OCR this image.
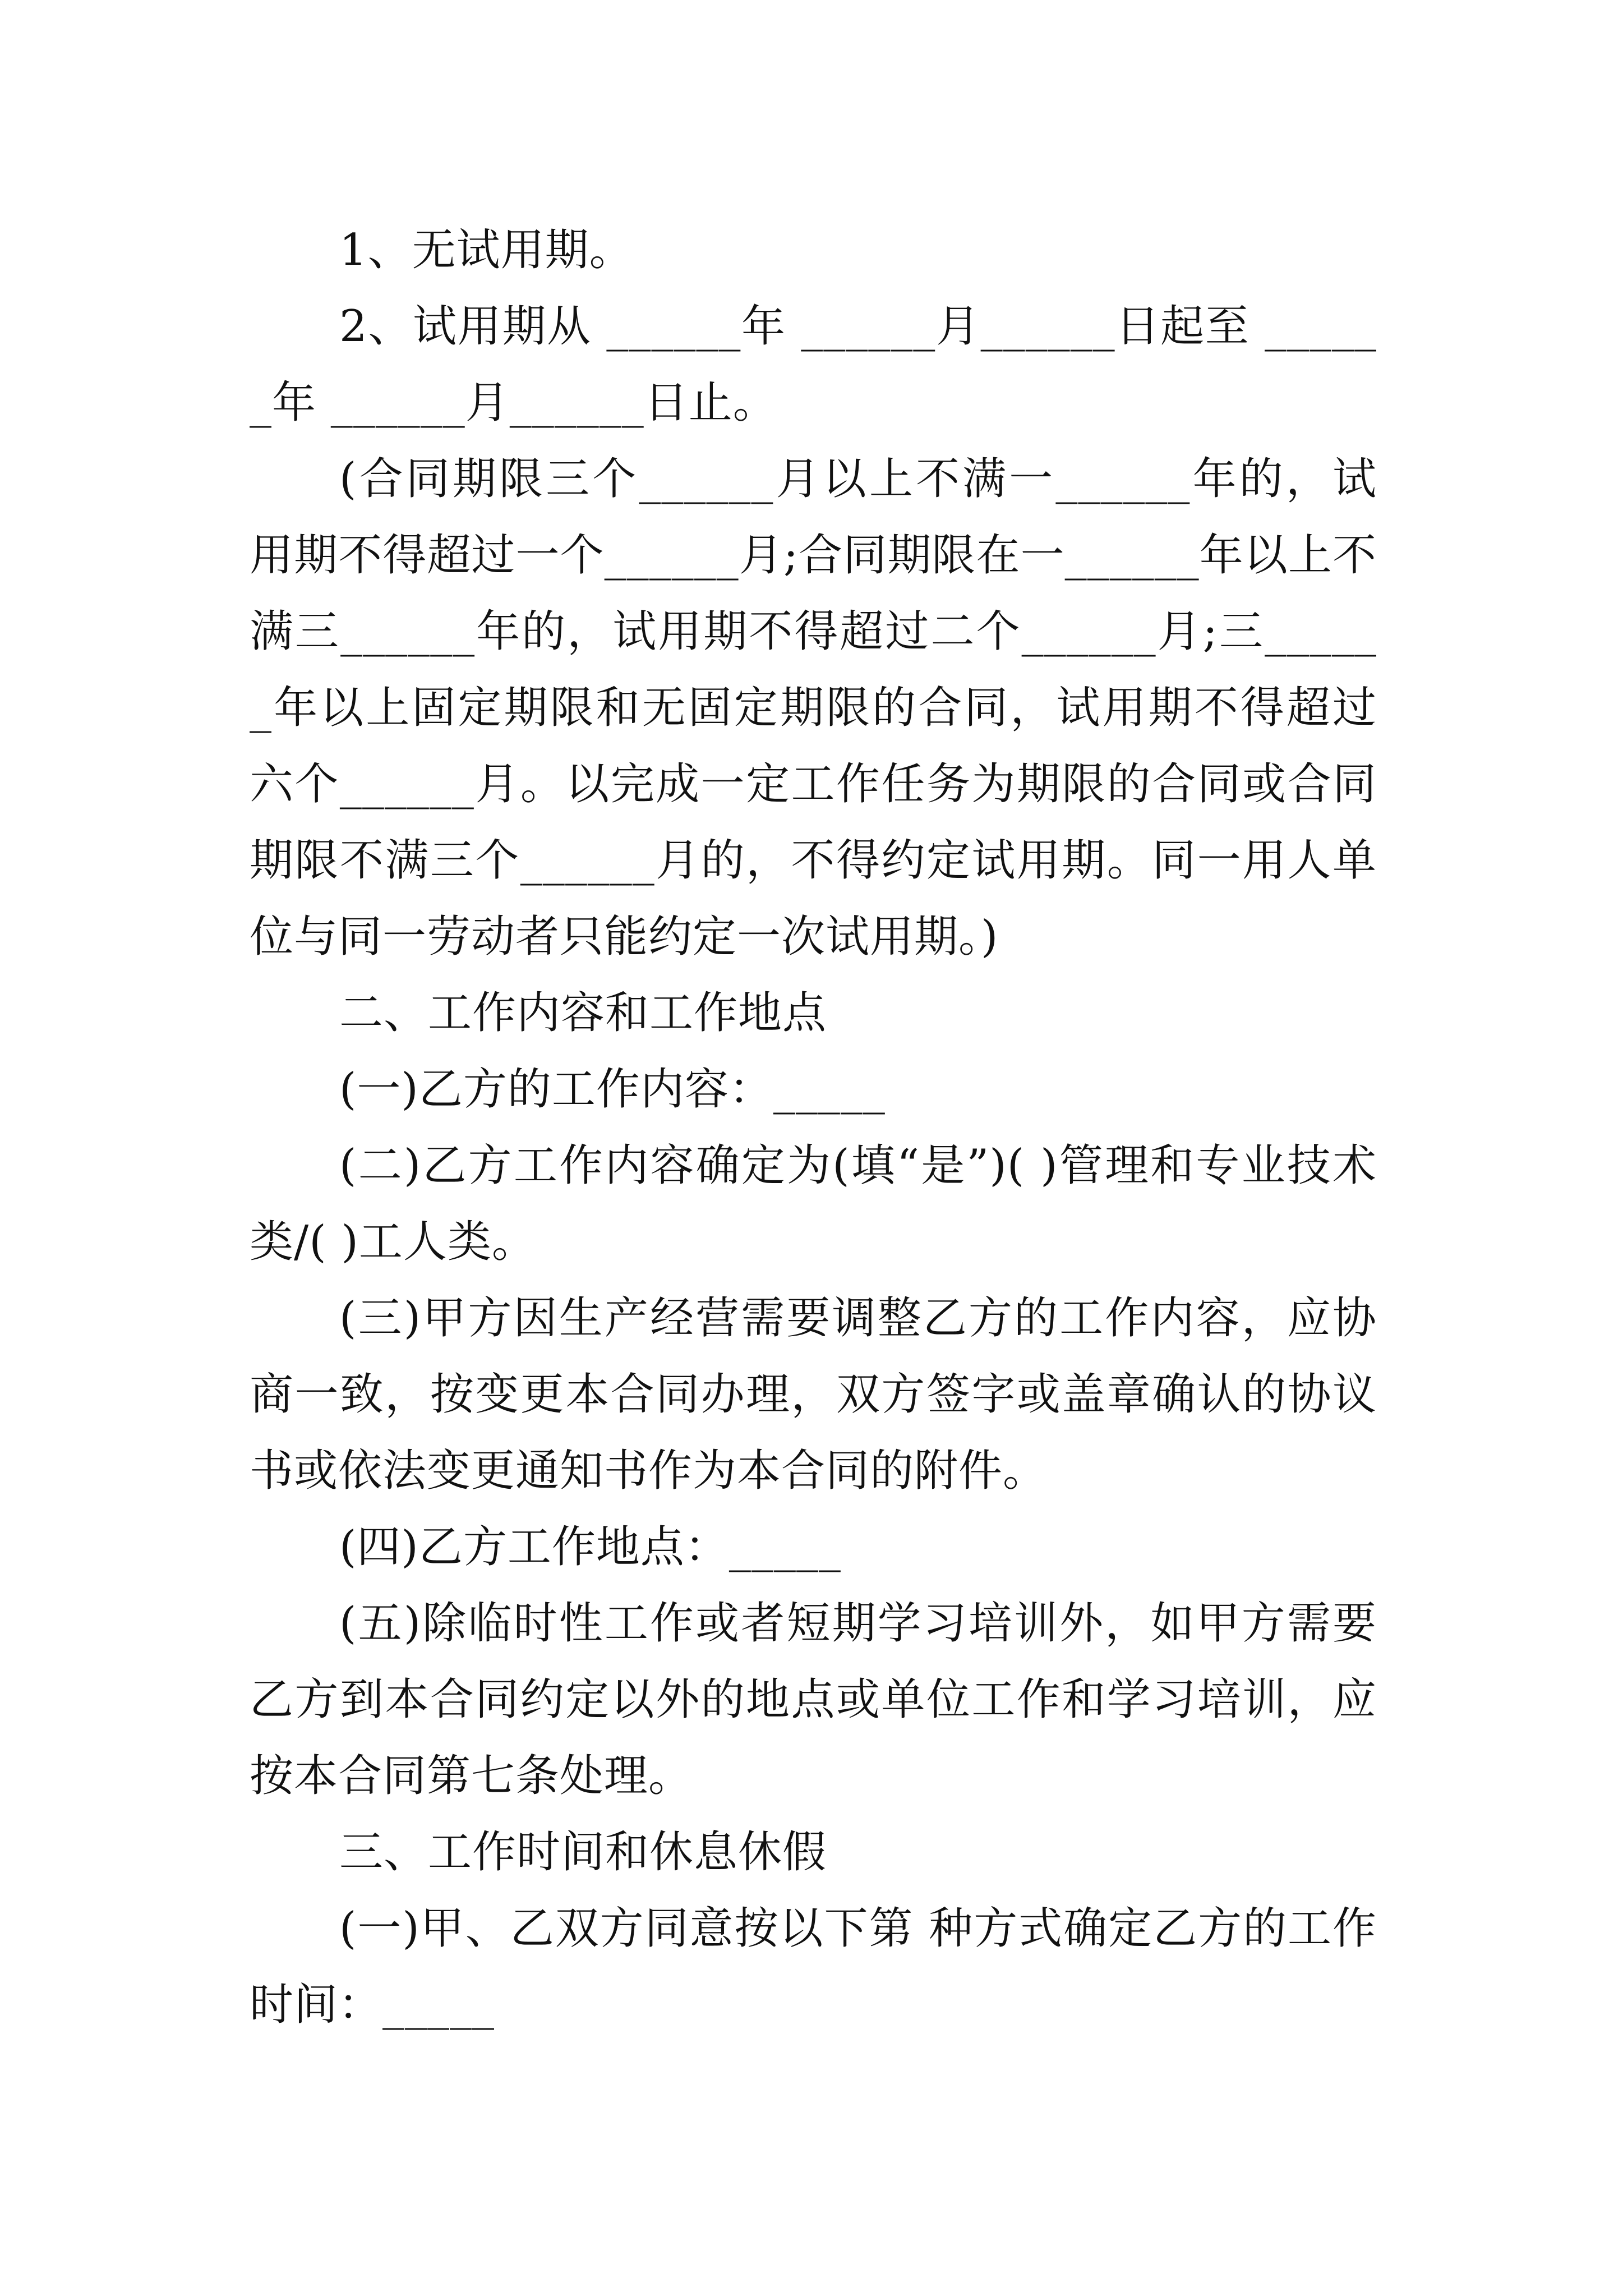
1、无试用期。

2、试用期从 ______年 ______月______日起至 ______年 ______月______日止。

(合同期限三个______月以上不满一______年的，试用期不得超过一个______月;合同期限在一______年以上不满三______年的，试用期不得超过二个______月;三______年以上固定期限和无固定期限的合同，试用期不得超过六个______月。以完成一定工作任务为期限的合同或合同期限不满三个______月的，不得约定试用期。同一用人单位与同一劳动者只能约定一次试用期。)

二、工作内容和工作地点

(一)乙方的工作内容：_____

(二)乙方工作内容确定为(填“是”)( )管理和专业技术类/( )工人类。

(三)甲方因生产经营需要调整乙方的工作内容，应协商一致，按变更本合同办理，双方签字或盖章确认的协议书或依法变更通知书作为本合同的附件。

(四)乙方工作地点：_____

(五)除临时性工作或者短期学习培训外，如甲方需要乙方到本合同约定以外的地点或单位工作和学习培训，应按本合同第七条处理。

三、工作时间和休息休假

(一)甲、乙双方同意按以下第 种方式确定乙方的工作时间：_____
